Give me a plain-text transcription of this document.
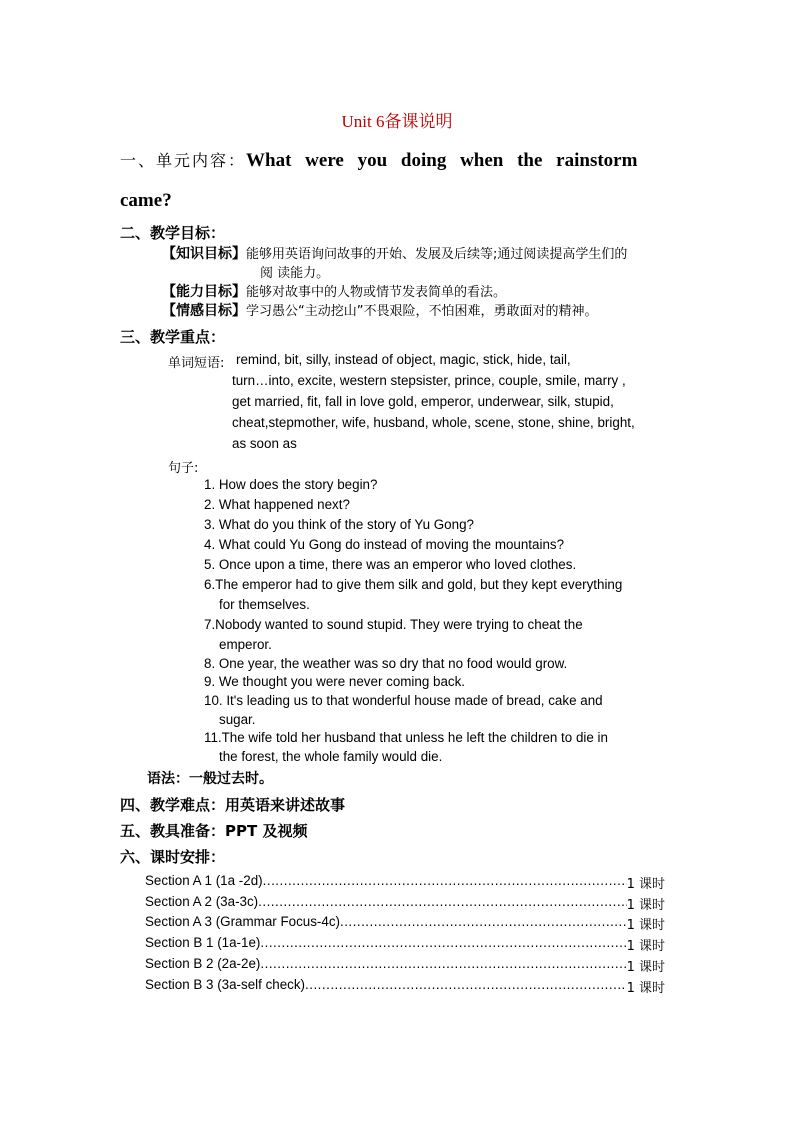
Unit 6备课说明
一、单元内容：What were you doing when the rainstorm
came?
二、教学目标：
【知识目标】能够用英语询问故事的开始、发展及后续等;通过阅读提高学生们的
阅 读能力。
【能力目标】能够对故事中的人物或情节发表简单的看法。
【情感目标】学习愚公“主动挖山”不畏艰险，不怕困难，勇敢面对的精神。
三、教学重点：
单词短语: remind, bit, silly, instead of object, magic, stick, hide, tail,
turn…into, excite, western stepsister, prince, couple, smile, marry ,
get married, fit, fall in love gold, emperor, underwear, silk, stupid,
cheat,stepmother, wife, husband, whole, scene, stone, shine, bright,
as soon as
句子:
1. How does the story begin?
2. What happened next?
3. What do you think of the story of Yu Gong?
4. What could Yu Gong do instead of moving the mountains?
5. Once upon a time, there was an emperor who loved clothes.
6.The emperor had to give them silk and gold, but they kept everything
for themselves.
7.Nobody wanted to sound stupid. They were trying to cheat the
emperor.
8. One year, the weather was so dry that no food would grow.
9. We thought you were never coming back.
10. It's leading us to that wonderful house made of bread, cake and
sugar.
11.The wife told her husband that unless he left the children to die in
the forest, the whole family would die.
语法：一般过去时。
四、教学难点：用英语来讲述故事
五、教具准备：PPT 及视频
六、课时安排：
Section A 1 (1a -2d) .....	1 课时
Section A 2 (3a-3c) .....	1 课时
Section A 3 (Grammar Focus-4c) .....	1 课时
Section B 1 (1a-1e) .....	1 课时
Section B 2 (2a-2e) .....	1 课时
Section B 3 (3a-self check) .....	1 课时
